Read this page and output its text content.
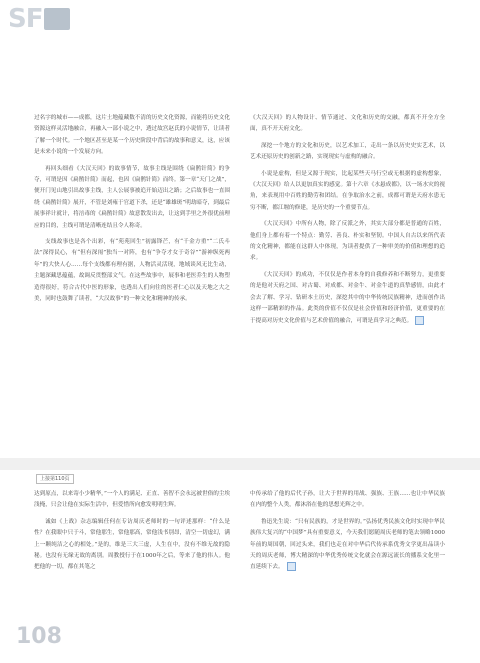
SF

过名字的城市——成都，这片土地蕴藏数不清的历史文化资源，而能将历史文化资源这样灵活地融合，再融入一部小说之中，透过故宫赵氏的小说情节，让读者了解一个时代。一个地区甚至是某一个历史阶段中背后的故事和意义，这，应该是未来小说的一个发展方向。

再回头细看《大汉天回》的故事情节，故事主线是围绕《扁鹊针简》的争夺，可谓是因《扁鹊针简》而起，也因《扁鹊针简》而终。第一章“天门之战”，便开门见山地引出故事主线，主人公展事被追开始迈出之路；之后故事也一直围绕《扁鹊针简》展开，不管是刘雍于官道下杀，还是“雄雄斑”明劫暗夺，到最后展事祥计就计，将涪毒的《扁鹊针简》故意散发出去，让这到手里之外很优前理应的目的，主线可谓是清晰连结且令人称奇。

支线故事也是各个出彩，有“苑苑回生”初露锋芒，有“千金方重”“二氏斗法”深得民心，有“但有深闱”独当一对阵，也有“争夺才女于奇谷”“游神纵死两年”的大快人心……每个支线都有理有据，人物活灵活现，地域谈风无比生动，主题深藏思蕴蕴，故调反贯整部文气。在这些故事中，展事和老医乔生的人物塑造得很好，符合古代中医的形象，也透出人们向往的医者仁心以及天地之大之美，同时也鼓舞了读者，“大汉故事”的一种文化和精神的传承。

《大汉天回》的人物设计、情节通过、文化和历史的交融，都真不开全方全面，真不开天府文化。

深挖一个地方的文化和历史，以艺术加工，走出一条以历史史实艺术，以艺术还原历史的创新之路，实现现实与虚构的融合。

小说是虚构，但是又源于现实，比起某些天马行空或无根据的虚构想象，《大汉天回》给人以更加真实的感觉。第十六章《水悬成都》，以一场水灾的视角，来表现用中百姓的勤劳和团结。在争取治水之前，成都可谓是天府水患无穷不断，都江堰的修建，是历史的一个重要节点。

《大汉天回》中所有人物，除了反派之外，其实大部分都是普通的百姓，他们身上都有着一个特点：勤劳、善良、朴实和坚韧。中国人自古以来所代表的文化精神，都能在这群人中体现，为读者提供了一种审美的价值和理想的追求。

《大汉天回》的成功，不仅仅是作者本身的自我修养和不断努力，更重要的是他对天府之国、对古蜀、对成都、对金牛、对金牛道的真挚感情，由此才会去了解、学习、钻研本土历史，深挖其中的中华传统民族精神，进而创作出这样一部精彩的作品。此类的价值不仅仅是社会价值和经济价值，更重要的在于提高对历史文化价值与艺术价值的融合，可谓是真学习之典范。

上接第110页

达到原点，以来寄小少精华，”一个人的满足、正直、善智不会永远被世俗的尘埃浅掩，只会让他在实际生活中，但爱惜所向愈发明明生辉。

诚如《上战》杂志编辑任何在专访周庆老师时的一句评述那样：“什么是性？在我眼中只于斗，常他那生，常他那高，常他浅书别昂，清空一切虚幻，满上一颗纯洁之心的相处。”是的，维是三大三虚，人生在中，没有不维无故的隐秘。也没有无缘无故的离别。周教授行于在1000年之后，等来了他的伟人。他把他的一切，都在其笔之

中传承给了他的后代子孙，让大于世界的用战、强族、王族……也让中华民族在内的整个人类，都沐浴在他的思想光辉之中。

鲁迅先生说：“只有民族的，才是世界的。”弘扬优秀民族文化时实现中华民族伟大复兴的“中国梦”具有重要意义，今天我们愿随周庆老师的笔去领略1000年前的周国朝，回过头来，我们也走在对中华后代传承系优秀文学更出品读小天的周庆老师，博大精深的中华优秀传统文化就会在源远流长的播系文化里一直延续下去。

108
